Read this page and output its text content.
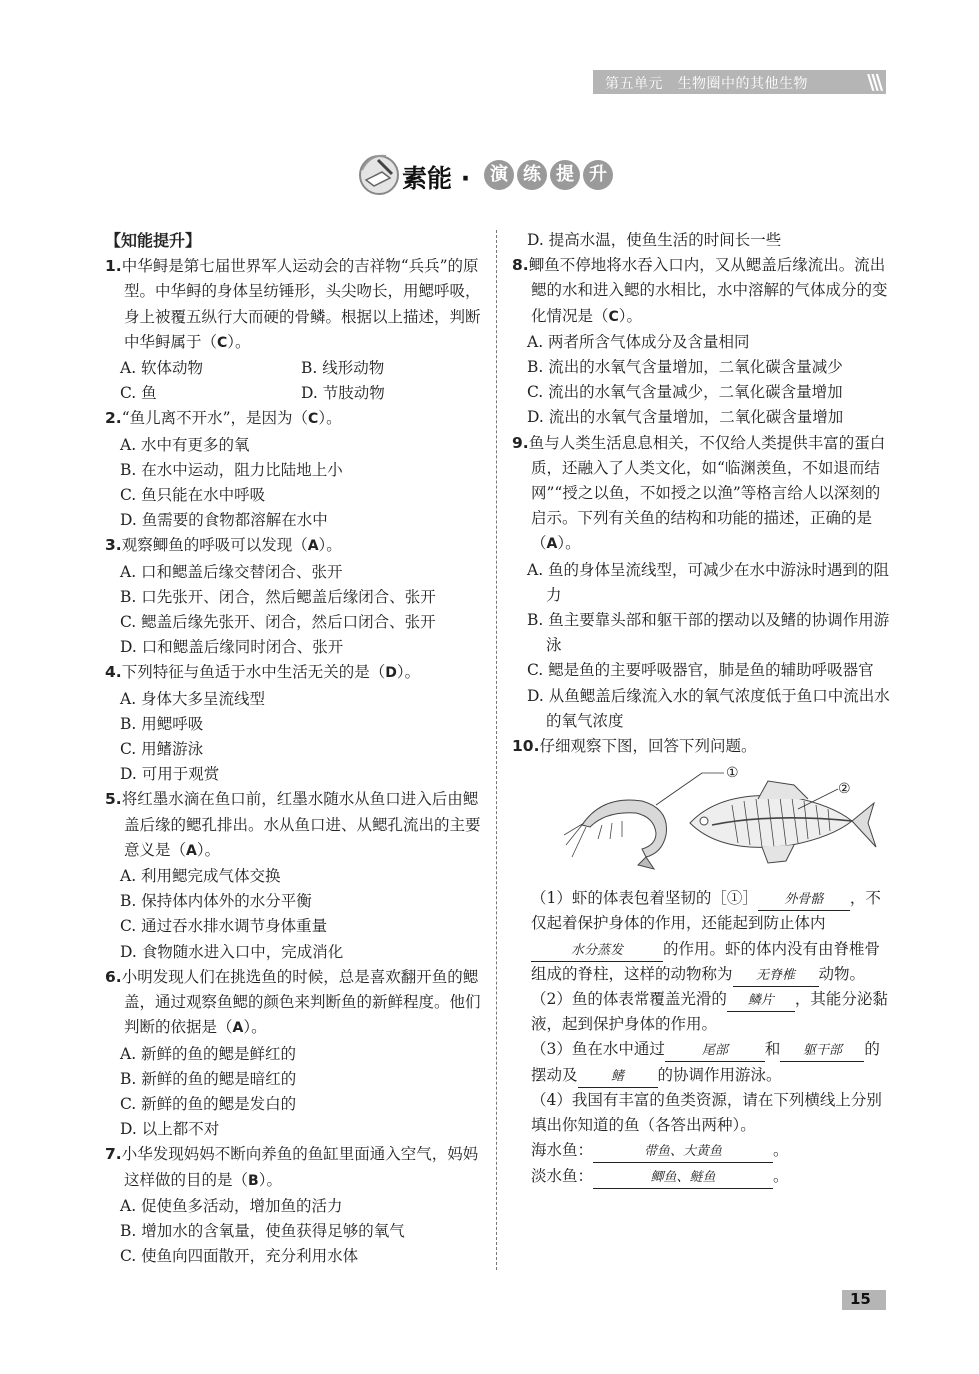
第五单元　生物圈中的其他生物	\\\
素能 ·	演 练 提 升
【知能提升】
1.中华鲟是第七届世界军人运动会的吉祥物“兵兵”的原型。中华鲟的身体呈纺锤形，头尖吻长，用鳃呼吸，身上被覆五纵行大而硬的骨鳞。根据以上描述，判断中华鲟属于（C）。
A. 软体动物	B. 线形动物
C. 鱼	D. 节肢动物
2.“鱼儿离不开水”，是因为（C）。
A. 水中有更多的氧
B. 在水中运动，阻力比陆地上小
C. 鱼只能在水中呼吸
D. 鱼需要的食物都溶解在水中
3.观察鲫鱼的呼吸可以发现（A）。
A. 口和鳃盖后缘交替闭合、张开
B. 口先张开、闭合，然后鳃盖后缘闭合、张开
C. 鳃盖后缘先张开、闭合，然后口闭合、张开
D. 口和鳃盖后缘同时闭合、张开
4.下列特征与鱼适于水中生活无关的是（D）。
A. 身体大多呈流线型
B. 用鳃呼吸
C. 用鳍游泳
D. 可用于观赏
5.将红墨水滴在鱼口前，红墨水随水从鱼口进入后由鳃盖后缘的鳃孔排出。水从鱼口进、从鳃孔流出的主要意义是（A）。
A. 利用鳃完成气体交换
B. 保持体内体外的水分平衡
C. 通过吞水排水调节身体重量
D. 食物随水进入口中，完成消化
6.小明发现人们在挑选鱼的时候，总是喜欢翻开鱼的鳃盖，通过观察鱼鳃的颜色来判断鱼的新鲜程度。他们判断的依据是（A）。
A. 新鲜的鱼的鳃是鲜红的
B. 新鲜的鱼的鳃是暗红的
C. 新鲜的鱼的鳃是发白的
D. 以上都不对
7.小华发现妈妈不断向养鱼的鱼缸里面通入空气，妈妈这样做的目的是（B）。
A. 促使鱼多活动，增加鱼的活力
B. 增加水的含氧量，使鱼获得足够的氧气
C. 使鱼向四面散开，充分利用水体
D. 提高水温，使鱼生活的时间长一些
8.鲫鱼不停地将水吞入口内，又从鳃盖后缘流出。流出鳃的水和进入鳃的水相比，水中溶解的气体成分的变化情况是（C）。
A. 两者所含气体成分及含量相同
B. 流出的水氧气含量增加，二氧化碳含量减少
C. 流出的水氧气含量减少，二氧化碳含量增加
D. 流出的水氧气含量增加，二氧化碳含量增加
9.鱼与人类生活息息相关，不仅给人类提供丰富的蛋白质，还融入了人类文化，如“临渊羡鱼，不如退而结网”“授之以鱼，不如授之以渔”等格言给人以深刻的启示。下列有关鱼的结构和功能的描述，正确的是（A）。
A. 鱼的身体呈流线型，可减少在水中游泳时遇到的阻力
B. 鱼主要靠头部和躯干部的摆动以及鳍的协调作用游泳
C. 鳃是鱼的主要呼吸器官，肺是鱼的辅助呼吸器官
D. 从鱼鳃盖后缘流入水的氧气浓度低于鱼口中流出水的氧气浓度
10.仔细观察下图，回答下列问题。
①
②
（1）虾的体表包着坚韧的［①］ 外骨骼 ，不仅起着保护身体的作用，还能起到防止体内水分蒸发	的作用。虾的体内没有由脊椎骨组成的脊柱，这样的动物称为 无脊椎 动物。
（2）鱼的体表常覆盖光滑的 鳞片 ，其能分泌黏液，起到保护身体的作用。
（3）鱼在水中通过	尾部 和 躯干部 的摆动及	鳍 的协调作用游泳。
（4）我国有丰富的鱼类资源，请在下列横线上分别填出你知道的鱼（各答出两种）。
海水鱼：	带鱼、大黄鱼	。
淡水鱼：	鲫鱼、鲢鱼	。
15
